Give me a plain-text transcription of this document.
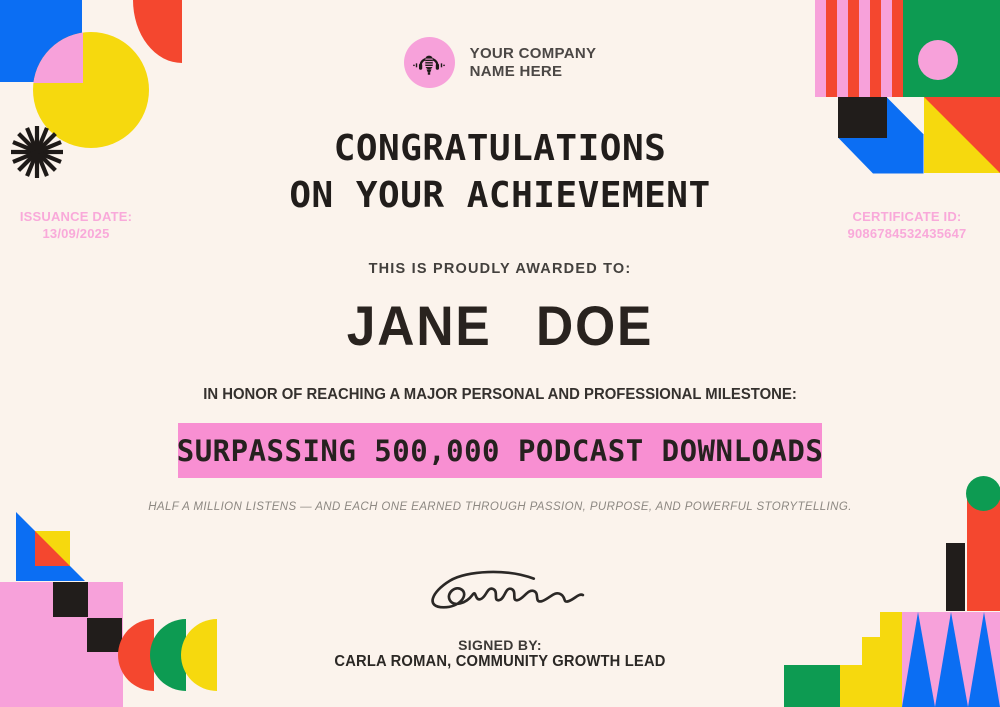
YOUR COMPANY
NAME HERE
CONGRATULATIONS
ON YOUR ACHIEVEMENT
ISSUANCE DATE:
13/09/2025
CERTIFICATE ID:
9086784532435647
THIS IS PROUDLY AWARDED TO:
JANE DOE
IN HONOR OF REACHING A MAJOR PERSONAL AND PROFESSIONAL MILESTONE:
SURPASSING 500,000 PODCAST DOWNLOADS
HALF A MILLION LISTENS — AND EACH ONE EARNED THROUGH PASSION, PURPOSE, AND POWERFUL STORYTELLING.
SIGNED BY:
CARLA ROMAN, COMMUNITY GROWTH LEAD
